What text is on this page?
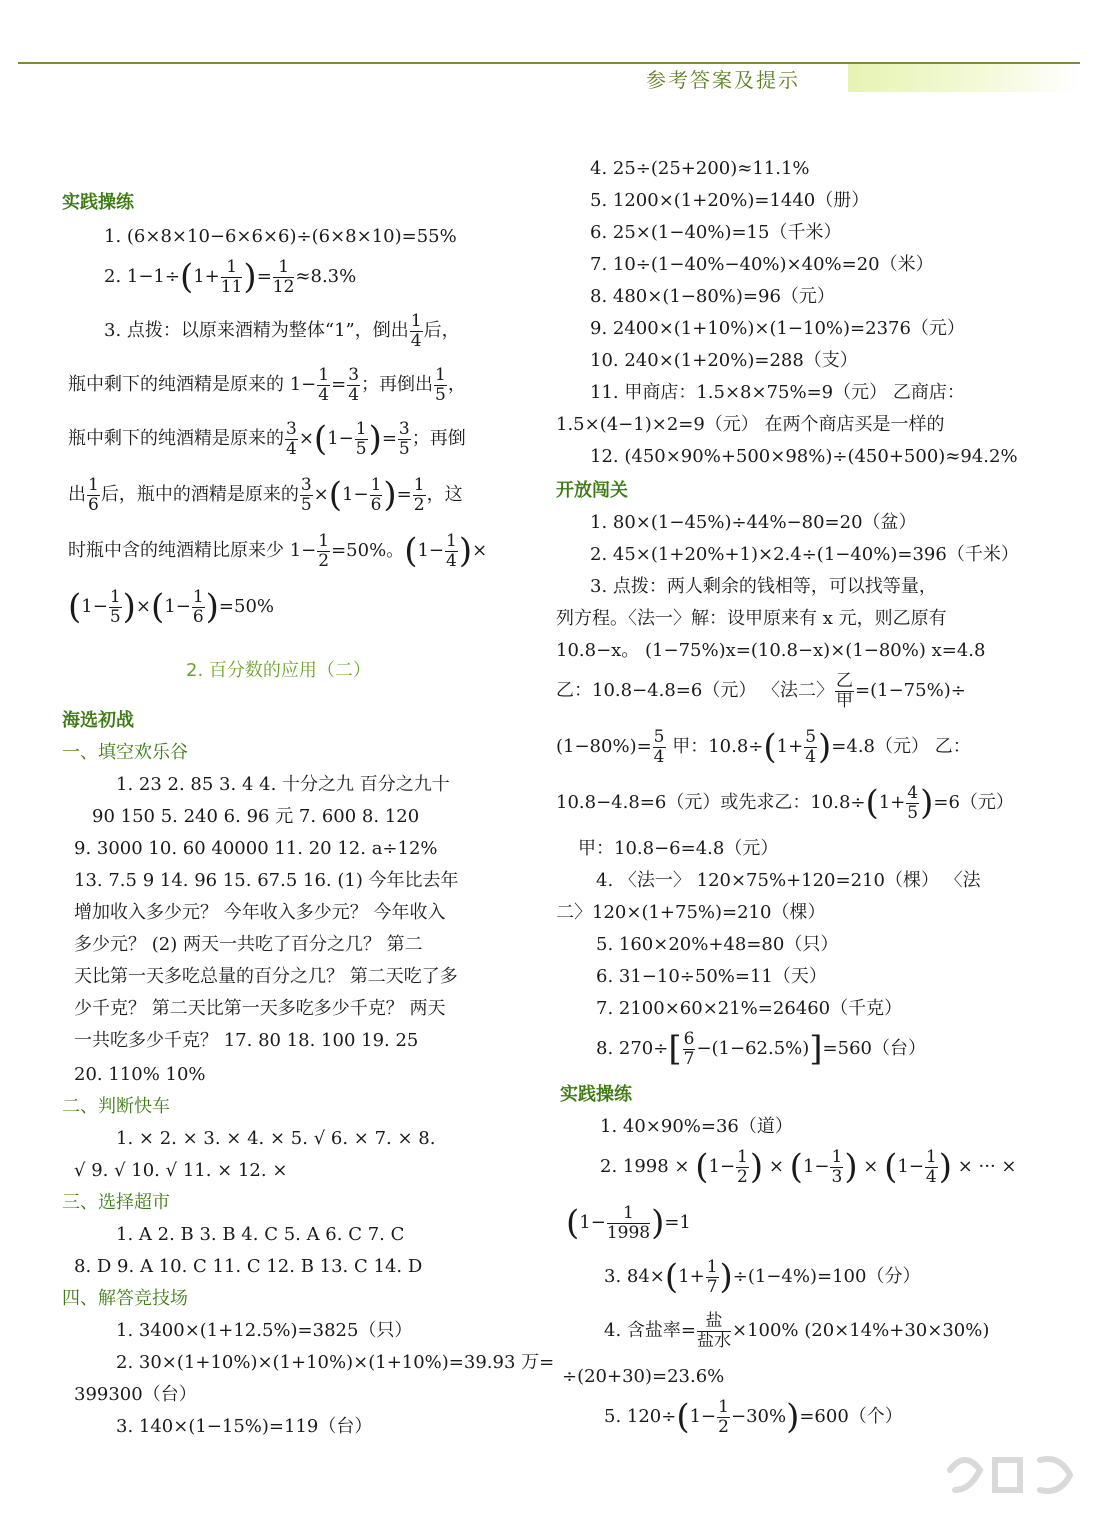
参考答案及提示
实践操练
1. (6×8×10−6×6×6)÷(6×8×10)=55%
2. $1-1\div(1+ \frac{1}{11}$ )= $\frac{1}{12} \approx 8.3\%$
3. 点拨：以原来酒精为整体“1”，倒出 $\frac{1}{4}$ 后，
瓶中剩下的纯酒精是原来的 $1- \frac{1}{4} = \frac{3}{4}$ ；再倒出 $\frac{1}{5}$ ，
瓶中剩下的纯酒精是原来的 $\frac{3}{4} \times(1- \frac{1}{5}$ )= $\frac{3}{5}$ ；再倒
出 $\frac{1}{6}$ 后，瓶中的酒精是原来的 $\frac{3}{5} \times(1- \frac{1}{6}$ )= $\frac{1}{2}$ ，这
时瓶中含的纯酒精比原来少 $1- \frac{1}{2} =50\%$。($1- \frac{1}{4}$ )×
$(1- \frac{1}{5} )\times(1- \frac{1}{6} )=50\%$
2. 百分数的应用（二）
海选初战
一、填空欢乐谷
1. 23 2. 85 3. 4 4. 十分之九 百分之九十
90 150 5. 240 6. 96 元 7. 600 8. 120
9. 3000 10. 60 40000 11. 20 12. a÷12%
13. 7.5 9 14. 96 15. 67.5 16. (1) 今年比去年
增加收入多少元？ 今年收入多少元？ 今年收入
多少元？ (2) 两天一共吃了百分之几？ 第二
天比第一天多吃总量的百分之几？ 第二天吃了多
少千克？ 第二天比第一天多吃多少千克？ 两天
一共吃多少千克？ 17. 80 18. 100 19. 25
20. 110% 10%
二、判断快车
1. × 2. × 3. × 4. × 5. √ 6. × 7. × 8.
√ 9. √ 10. √ 11. × 12. ×
三、选择超市
1. A 2. B 3. B 4. C 5. A 6. C 7. C
8. D 9. A 10. C 11. C 12. B 13. C 14. D
四、解答竞技场
1. 3400×(1+12.5%)=3825（只）
2. 30×(1+10%)×(1+10%)×(1+10%)=39.93 万=
399300（台）
3. 140×(1−15%)=119（台）
4. 25÷(25+200)≈11.1%
5. 1200×(1+20%)=1440（册）
6. 25×(1−40%)=15（千米）
7. 10÷(1−40%−40%)×40%=20（米）
8. 480×(1−80%)=96（元）
9. 2400×(1+10%)×(1−10%)=2376（元）
10. 240×(1+20%)=288（支）
11. 甲商店：1.5×8×75%=9（元） 乙商店：
1.5×(4−1)×2=9（元） 在两个商店买是一样的
12. (450×90%+500×98%)÷(450+500)≈94.2%
开放闯关
1. 80×(1−45%)÷44%−80=20（盆）
2. 45×(1+20%+1)×2.4÷(1−40%)=396（千米）
3. 点拨：两人剩余的钱相等，可以找等量，
列方程。〈法一〉解：设甲原来有 x 元，则乙原有
10.8−x。 (1−75%)x=(10.8−x)×(1−80%) x=4.8
乙：10.8−4.8=6（元） 〈法二〉 乙
甲 =(1−75%)÷
$(1-80\%)= \frac{5}{4}$ 甲：$10.8\div(1+ \frac{5}{4} )=4.8$（元） 乙：
10.8−4.8=6（元）或先求乙：$10.8\div(1+ \frac{4}{5} )=6$（元）
甲：10.8−6=4.8（元）
4. 〈法一〉 120×75%+120=210（棵） 〈法
二〉120×(1+75%)=210（棵）
5. 160×20%+48=80（只）
6. 31−10÷50%=11（天）
7. 2100×60×21%=26460（千克）
8. $270\div[ \frac{6}{7} -(1-62.5\%)]=560$（台）
实践操练
1. 40×90%=36（道）
2. $1998 \times (1- \frac{1}{2}$ ) × ($1- \frac{1}{3}$ ) × ($1- \frac{1}{4}$ ) × ··· ×
$(1- \frac{1}{1998} )=1$
3. $84\times(1+ \frac{1}{7} )\div(1-4\%)=100$（分）
4. 含盐率= 盐
盐水 ×100% (20×14%+30×30%)
÷(20+30)=23.6%
5. $120\div(1- \frac{1}{2} -30\%)=600$（个）
